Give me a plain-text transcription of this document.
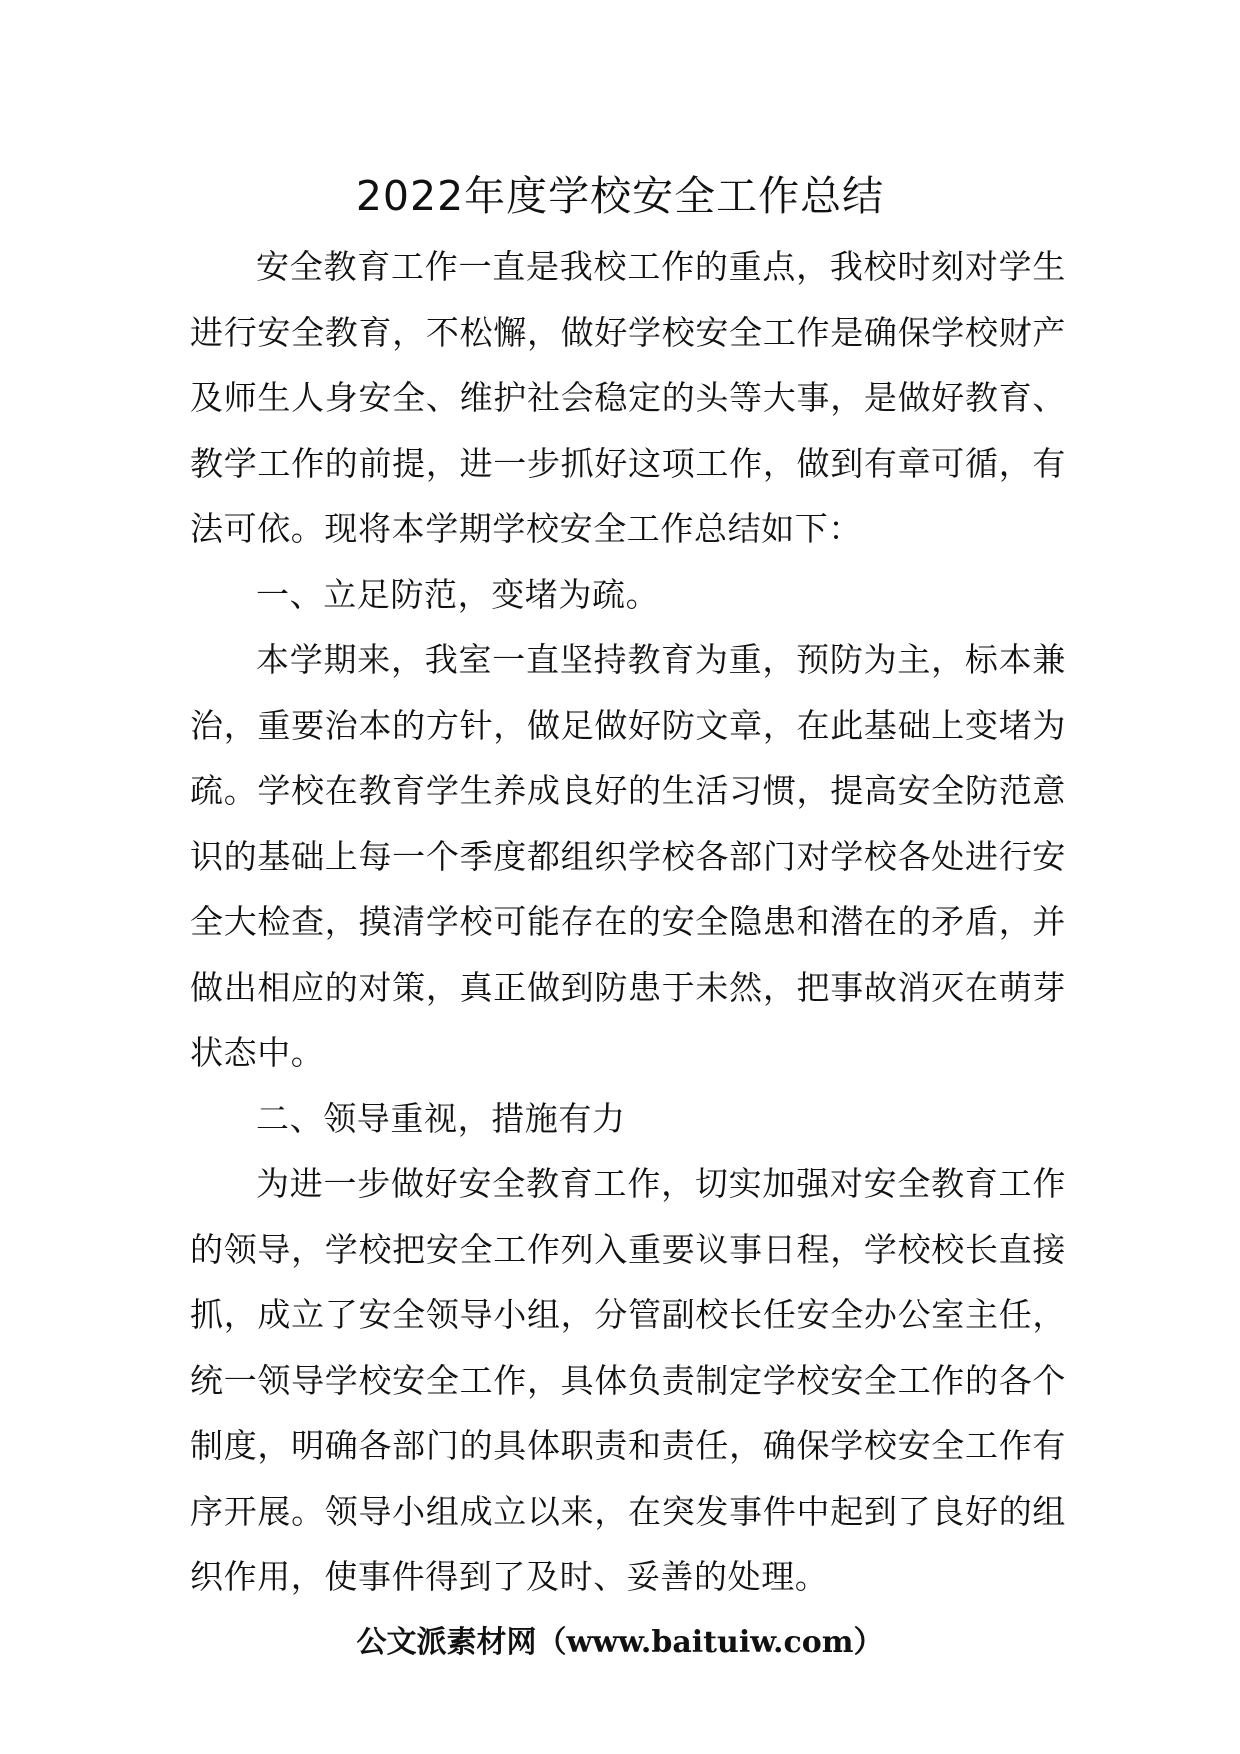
2022年度学校安全工作总结

安全教育工作一直是我校工作的重点，我校时刻对学生进行安全教育，不松懈，做好学校安全工作是确保学校财产及师生人身安全、维护社会稳定的头等大事，是做好教育、教学工作的前提，进一步抓好这项工作，做到有章可循，有法可依。现将本学期学校安全工作总结如下：

一、立足防范，变堵为疏。

本学期来，我室一直坚持教育为重，预防为主，标本兼治，重要治本的方针，做足做好防文章，在此基础上变堵为疏。学校在教育学生养成良好的生活习惯，提高安全防范意识的基础上每一个季度都组织学校各部门对学校各处进行安全大检查，摸清学校可能存在的安全隐患和潜在的矛盾，并做出相应的对策，真正做到防患于未然，把事故消灭在萌芽状态中。

二、领导重视，措施有力

为进一步做好安全教育工作，切实加强对安全教育工作的领导，学校把安全工作列入重要议事日程，学校校长直接抓，成立了安全领导小组，分管副校长任安全办公室主任，统一领导学校安全工作，具体负责制定学校安全工作的各个制度，明确各部门的具体职责和责任，确保学校安全工作有序开展。领导小组成立以来，在突发事件中起到了良好的组织作用，使事件得到了及时、妥善的处理。

公文派素材网（www.baituiw.com）
